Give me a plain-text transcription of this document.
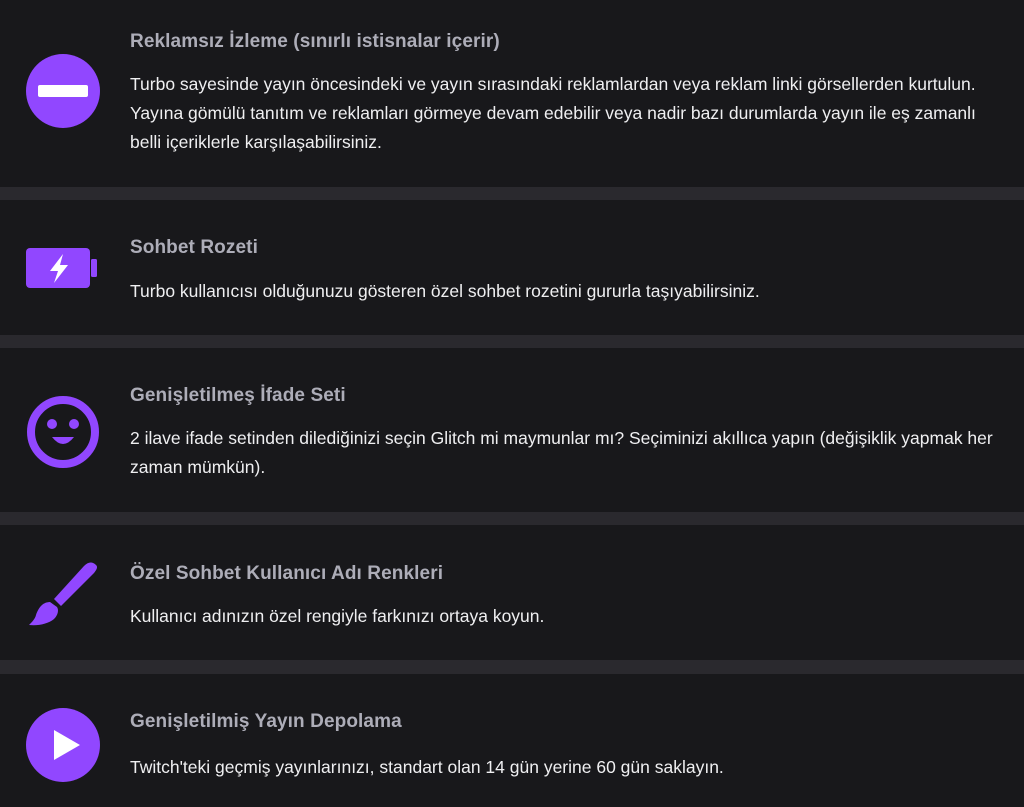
Reklamsız İzleme (sınırlı istisnalar içerir)
Turbo sayesinde yayın öncesindeki ve yayın sırasındaki reklamlardan veya reklam linki görsellerden kurtulun. Yayına gömülü tanıtım ve reklamları görmeye devam edebilir veya nadir bazı durumlarda yayın ile eş zamanlı belli içeriklerle karşılaşabilirsiniz.
Sohbet Rozeti
Turbo kullanıcısı olduğunuzu gösteren özel sohbet rozetini gururla taşıyabilirsiniz.
Genişletilmeş İfade Seti
2 ilave ifade setinden dilediğinizi seçin Glitch mi maymunlar mı? Seçiminizi akıllıca yapın (değişiklik yapmak her zaman mümkün).
Özel Sohbet Kullanıcı Adı Renkleri
Kullanıcı adınızın özel rengiyle farkınızı ortaya koyun.
Genişletilmiş Yayın Depolama
Twitch'teki geçmiş yayınlarınızı, standart olan 14 gün yerine 60 gün saklayın.
